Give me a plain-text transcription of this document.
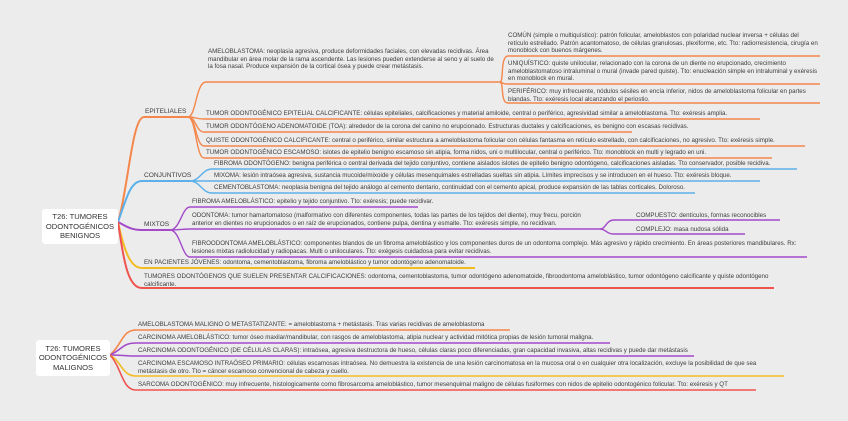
T26: TUMORES ODONTOGÉNICOS BENIGNOS
T26: TUMORES ODONTOGÉNICOS MALIGNOS
EPITELIALES
CONJUNTIVOS
MIXTOS

AMELOBLASTOMA: neoplasia agresiva, produce deformidades faciales, con elevadas recidivas. Área mandibular en área molar de la rama ascendente. Las lesiones pueden extenderse al seno y al suelo de la fosa nasal. Produce expansión de la cortical ósea y puede crear metástasis.

COMÚN (simple o multiquístico): patrón folicular, ameloblastos con polaridad nuclear inversa + células del retículo estrellado. Patrón acantomatoso, de células granulosas, plexiforme, etc. Tto: radiorresistencia, cirugía en monoblock con buenos márgenes.

UNIQUÍSTICO: quiste unilocular, relacionado con la corona de un diente no erupcionado, crecimiento ameloblastomatoso intraluminal o mural (invade pared quiste). Tto: enucleación simple en intraluminal y exéresis en monoblock en mural.

PERIFÉRICO: muy infrecuente, nódulos sésiles en encía inferior, nidos de ameloblastoma folicular en partes blandas. Tto: exéresis local alcanzando el periostio.

TUMOR ODONTOGÉNICO EPITELIAL CALCIFICANTE: células epiteliales, calcificaciones y material amiloide, central o periférico, agresividad similar a ameloblastoma. Tto: exéresis amplia.

TUMOR ODONTÓGENO ADENOMATOIDE (TOA): alrededor de la corona del canino no erupcionado. Estructuras ductales y calcificaciones, es benigno con escasas recidivas.

QUISTE ODONTOGÉNICO CALCIFICANTE: central o periférico, similar estructura a ameloblastoma folicular con células fantasma en retículo estrellado, con calcificaciones, no agresivo. Tto: exéresis simple.

TUMOR ODONTOGÉNICO ESCAMOSO: islotes de epitelio benigno escamoso sin atipia, forma nidos, uni o multilocular, central o periférico. Tto: monoblock en multi y legrado en uni.

FIBROMA ODONTÓGENO: benigna periférica o central derivada del tejido conjuntivo, contiene aislados islotes de epitelio benigno odontógeno, calcificaciones aisladas. Tto conservador, posible recidiva.

MIXOMA: lesión intraósea agresiva, sustancia mucoide/mixoide y células mesenquimales estrelladas sueltas sin atipia. Límites imprecisos y se introducen en el hueso. Tto: exéresis bloque.

CEMENTOBLASTOMA: neoplasia benigna del tejido análogo al cemento dentario, continuidad con el cemento apical, produce expansión de las tablas corticales. Doloroso.

FIBROMA AMELOBLÁSTICO: epitelio y tejido conjuntivo. Tto: exéresis; puede recidivar.

ODONTOMA: tumor hamartomatoso (malformativo con diferentes componentes, todas las partes de los tejidos del diente), muy frecu, porción anterior en dientes no erupcionados o en raíz de erupcionados, contiene pulpa, dentina y esmalte. Tto: exéresis simple, no recidivan.

COMPUESTO: dentículos, formas reconocibles

COMPLEJO: masa nudosa sólida

FIBROODONTOMA AMELOBLÁSTICO: componentes blandos de un fibroma ameloblástico y los componentes duros de un odontoma complejo. Más agresivo y rápido crecimiento. En áreas posteriores mandibulares. Rx: lesiones mixtas radiolucidad y radiopacas. Multi o uniloculares. Tto: exégesis cuidadosa para evitar recidivas.

EN PACIENTES JÓVENES: odontoma, cementoblastoma, fibroma ameloblástico y tumor odontógeno adenomatoide.

TUMORES ODONTÓGENOS QUE SUELEN PRESENTAR CALCIFICACIONES: odontoma, cementoblastoma, tumor odontógeno adenomatoide, fibroodontoma ameloblástico, tumor odontógeno calcificante y quiste odontógeno calcificante.

AMELOBLASTOMA MALIGNO O METASTATIZANTE: = ameloblastoma + metástasis. Tras varias recidivas de ameloblastoma

CARCINOMA AMELOBLÁSTICO: tumor óseo maxilar/mandibular, con rasgos de ameloblastoma, atipia nuclear y actividad mitótica propias de lesión tumoral maligna.

CARCINOMA ODONTOGÉNICO (DE CÉLULAS CLARAS): intraósea, agresiva destructora de hueso, células claras poco diferenciadas, gran capacidad invasiva, altas recidivas y puede dar metástasis

CARCINOMA ESCAMOSO INTRAÓSEO PRIMARIO: células escamosas intraósea. No demuestra la existencia de una lesión carcinomatosa en la mucosa oral o en cualquier otra localización, excluye la posibilidad de que sea metástasis de otro. Tto = cáncer escamoso convencional de cabeza y cuello.

SARCOMA ODONTOGÉNICO: muy infrecuente, histologicamente como fibrosarcoma ameloblástico, tumor mesenquimal maligno de células fusiformes con nidos de epitelio odontogénico folicular. Tto: exéresis y QT
